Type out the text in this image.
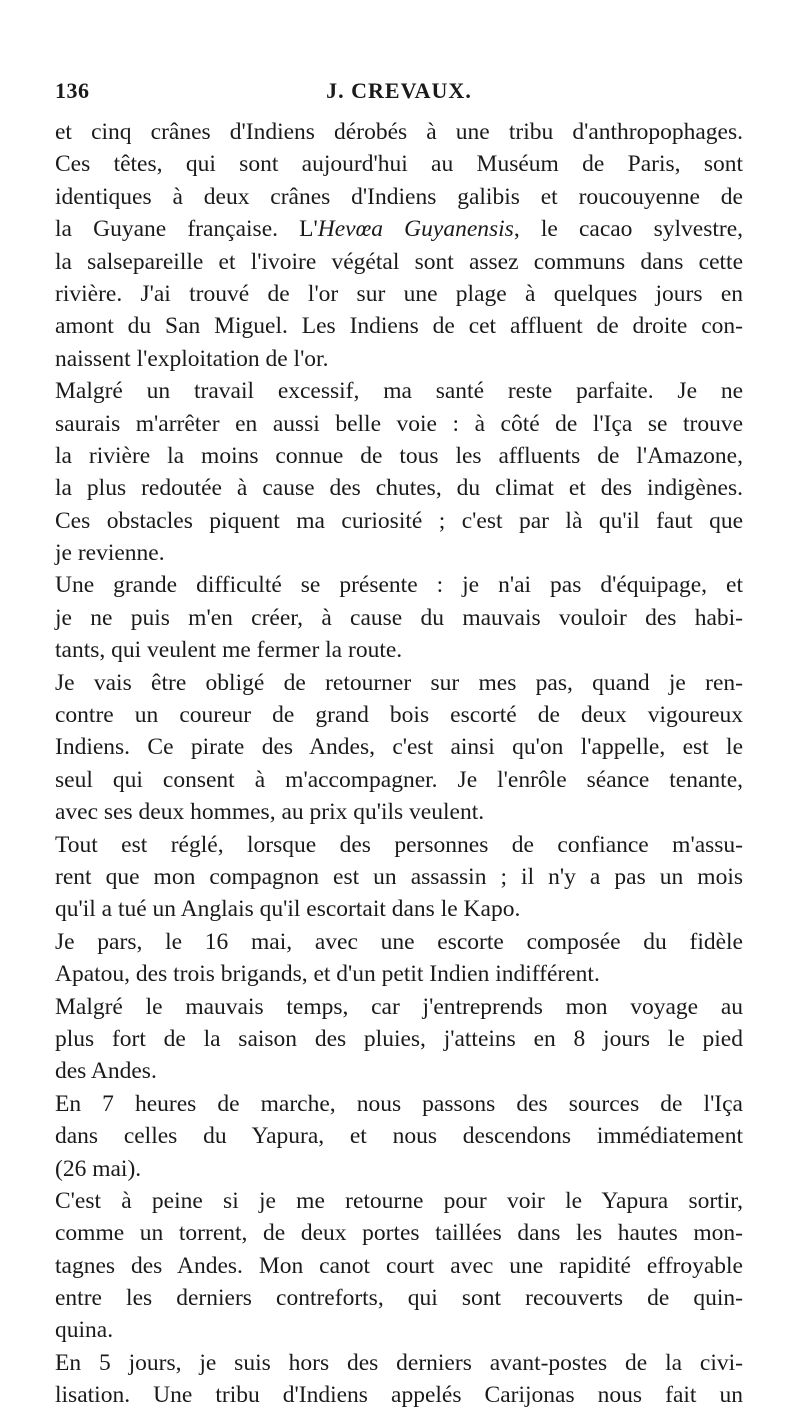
136	J. CREVAUX.
et cinq crânes d'Indiens dérobés à une tribu d'anthropophages.
Ces têtes, qui sont aujourd'hui au Muséum de Paris, sont
identiques à deux crânes d'Indiens galibis et roucouyenne de
la Guyane française. L'Hevœa Guyanensis, le cacao sylvestre,
la salsepareille et l'ivoire végétal sont assez communs dans cette
rivière. J'ai trouvé de l'or sur une plage à quelques jours en
amont du San Miguel. Les Indiens de cet affluent de droite con-
naissent l'exploitation de l'or.
Malgré un travail excessif, ma santé reste parfaite. Je ne
saurais m'arrêter en aussi belle voie : à côté de l'Iça se trouve
la rivière la moins connue de tous les affluents de l'Amazone,
la plus redoutée à cause des chutes, du climat et des indigènes.
Ces obstacles piquent ma curiosité ; c'est par là qu'il faut que
je revienne.
Une grande difficulté se présente : je n'ai pas d'équipage, et
je ne puis m'en créer, à cause du mauvais vouloir des habi-
tants, qui veulent me fermer la route.
Je vais être obligé de retourner sur mes pas, quand je ren-
contre un coureur de grand bois escorté de deux vigoureux
Indiens. Ce pirate des Andes, c'est ainsi qu'on l'appelle, est le
seul qui consent à m'accompagner. Je l'enrôle séance tenante,
avec ses deux hommes, au prix qu'ils veulent.
Tout est réglé, lorsque des personnes de confiance m'assu-
rent que mon compagnon est un assassin ; il n'y a pas un mois
qu'il a tué un Anglais qu'il escortait dans le Kapo.
Je pars, le 16 mai, avec une escorte composée du fidèle
Apatou, des trois brigands, et d'un petit Indien indifférent.
Malgré le mauvais temps, car j'entreprends mon voyage au
plus fort de la saison des pluies, j'atteins en 8 jours le pied
des Andes.
En 7 heures de marche, nous passons des sources de l'Iça
dans celles du Yapura, et nous descendons immédiatement
(26 mai).
C'est à peine si je me retourne pour voir le Yapura sortir,
comme un torrent, de deux portes taillées dans les hautes mon-
tagnes des Andes. Mon canot court avec une rapidité effroyable
entre les derniers contreforts, qui sont recouverts de quin-
quina.
En 5 jours, je suis hors des derniers avant-postes de la civi-
lisation. Une tribu d'Indiens appelés Carijonas nous fait un
